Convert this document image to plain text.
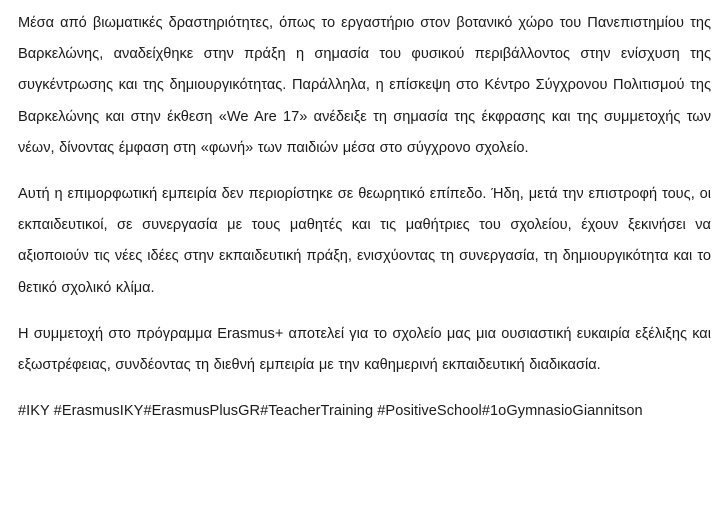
Μέσα από βιωματικές δραστηριότητες, όπως το εργαστήριο στον βοτανικό χώρο του Πανεπιστημίου της Βαρκελώνης, αναδείχθηκε στην πράξη η σημασία του φυσικού περιβάλλοντος στην ενίσχυση της συγκέντρωσης και της δημιουργικότητας. Παράλληλα, η επίσκεψη στο Κέντρο Σύγχρονου Πολιτισμού της Βαρκελώνης και στην έκθεση «We Are 17» ανέδειξε τη σημασία της έκφρασης και της συμμετοχής των νέων, δίνοντας έμφαση στη «φωνή» των παιδιών μέσα στο σύγχρονο σχολείο.

Αυτή η επιμορφωτική εμπειρία δεν περιορίστηκε σε θεωρητικό επίπεδο. Ήδη, μετά την επιστροφή τους, οι εκπαιδευτικοί, σε συνεργασία με τους μαθητές και τις μαθήτριες του σχολείου, έχουν ξεκινήσει να αξιοποιούν τις νέες ιδέες στην εκπαιδευτική πράξη, ενισχύοντας τη συνεργασία, τη δημιουργικότητα και το θετικό σχολικό κλίμα.

Η συμμετοχή στο πρόγραμμα Erasmus+ αποτελεί για το σχολείο μας μια ουσιαστική ευκαιρία εξέλιξης και εξωστρέφειας, συνδέοντας τη διεθνή εμπειρία με την καθημερινή εκπαιδευτική διαδικασία.

#IKY #ErasmusIKY#ErasmusPlusGR#TeacherTraining #PositiveSchool#1oGymnasioGiannitson
